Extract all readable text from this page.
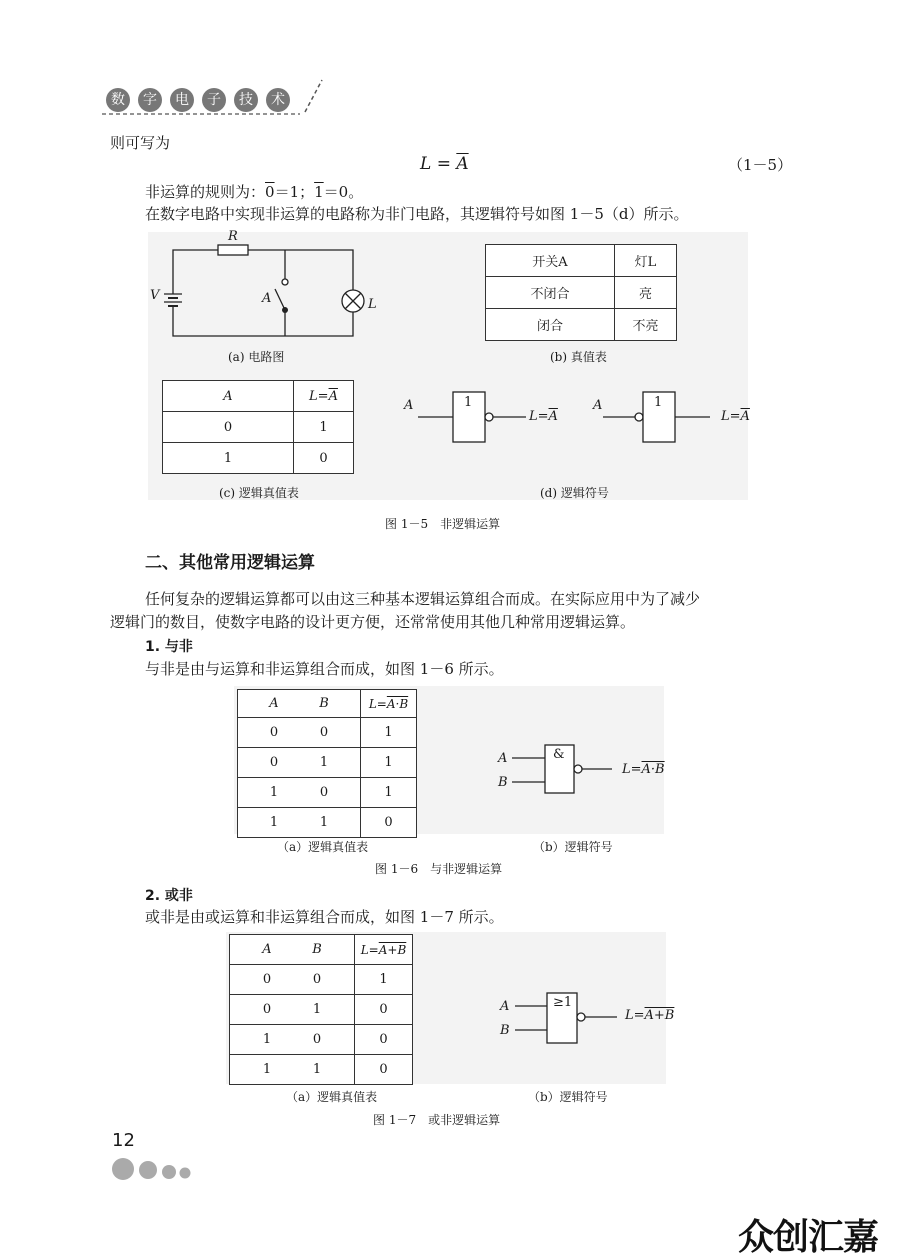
数	字	电	子	技	术
则可写为
$L = \overline{A}$	（1－5）
非运算的规则为：0＝1；1＝0。
在数字电路中实现非运算的电路称为非门电路，其逻辑符号如图 1－5（d）所示。
R
V	A	L
(a) 电路图
开关A	灯L
不闭合	亮
闭合	不亮
(b) 真值表
A	$L=\overline{A}$
0	1
1	0
(c) 逻辑真值表
1	1
A
$L=\overline{A}$
A
$L=\overline{A}$
(d) 逻辑符号
图 1－5　非逻辑运算
二、其他常用逻辑运算
任何复杂的逻辑运算都可以由这三种基本逻辑运算组合而成。在实际应用中为了减少
逻辑门的数目，使数字电路的设计更方便，还常常使用其他几种常用逻辑运算。
1. 与非
与非是由与运算和非运算组合而成，如图 1－6 所示。
A B	L=A·B
0 0	1
0 1	1
1 0	1
1 1	0
&
A
B
L=A·B
（a）逻辑真值表	（b）逻辑符号
图 1－6　与非逻辑运算
2. 或非
或非是由或运算和非运算组合而成，如图 1－7 所示。
A B	L=A+B
0 0	1
0 1	0
1 0	0
1 1	0
≥1
A
B
L=A+B
（a）逻辑真值表	（b）逻辑符号
图 1－7　或非逻辑运算
12
众创汇嘉
